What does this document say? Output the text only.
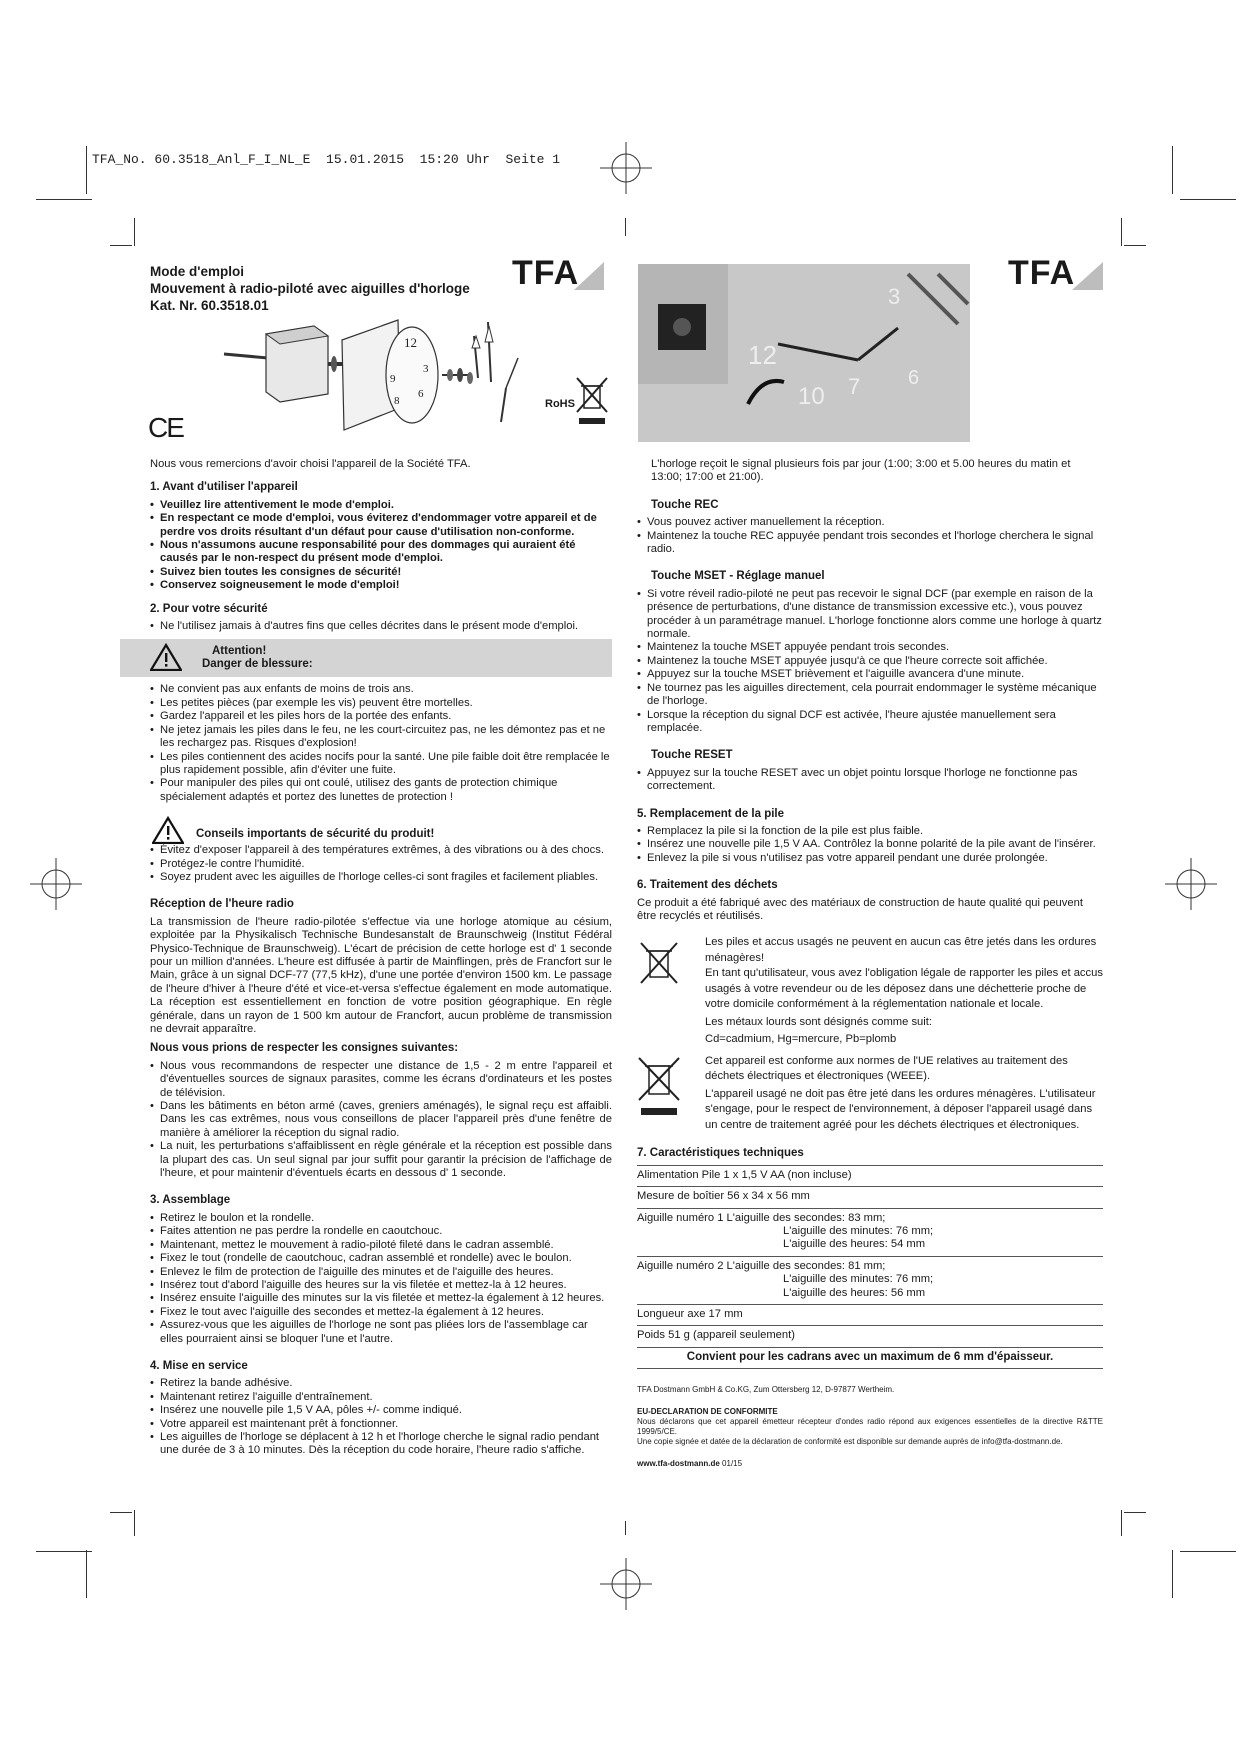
TFA_No. 60.3518_Anl_F_I_NL_E  15.01.2015  15:20 Uhr  Seite 1
Mode d'emploi
Mouvement à radio-piloté avec aiguilles d'horloge
Kat. Nr. 60.3518.01
TFA
12
9
6
8
3
CE
RoHS
12
10
3
7 6
TFA

Nous vous remercions d'avoir choisi l'appareil de la Société TFA.

1. Avant d'utiliser l'appareil
• Veuillez lire attentivement le mode d'emploi.
• En respectant ce mode d'emploi, vous éviterez d'endommager votre appareil et de perdre vos droits résultant d'un défaut pour cause d'utilisation non-conforme.
• Nous n'assumons aucune responsabilité pour des dommages qui auraient été causés par le non-respect du présent mode d'emploi.
• Suivez bien toutes les consignes de sécurité!
• Conservez soigneusement le mode d'emploi!
2. Pour votre sécurité
• Ne l'utilisez jamais à d'autres fins que celles décrites dans le présent mode d'emploi.
Attention!
Danger de blessure:
• Ne convient pas aux enfants de moins de trois ans.
• Les petites pièces (par exemple les vis) peuvent être mortelles.
• Gardez l'appareil et les piles hors de la portée des enfants.
• Ne jetez jamais les piles dans le feu, ne les court-circuitez pas, ne les démontez pas et ne les rechargez pas. Risques d'explosion!
• Les piles contiennent des acides nocifs pour la santé. Une pile faible doit être remplacée le plus rapidement possible, afin d'éviter une fuite.
• Pour manipuler des piles qui ont coulé, utilisez des gants de protection chimique spécialement adaptés et portez des lunettes de protection !
Conseils importants de sécurité du produit!
• Évitez d'exposer l'appareil à des températures extrêmes, à des vibrations ou à des chocs.
• Protégez-le contre l'humidité.
• Soyez prudent avec les aiguilles de l'horloge celles-ci sont fragiles et facilement pliables.
Réception de l'heure radio

La transmission de l'heure radio-pilotée s'effectue via une horloge atomique au césium, exploitée par la Physikalisch Technische Bundesanstalt de Braunschweig (Institut Fédéral Physico-Technique de Braunschweig). L'écart de précision de cette horloge est d' 1 seconde pour un million d'années. L'heure est diffusée à partir de Mainflingen, près de Francfort sur le Main, grâce à un signal DCF-77 (77,5 kHz), d'une une portée d'environ 1500 km. Le passage de l'heure d'hiver à l'heure d'été et vice-et-versa s'effectue également en mode automatique. La réception est essentiellement en fonction de votre position géographique. En règle générale, dans un rayon de 1 500 km autour de Francfort, aucun problème de transmission ne devrait apparaître.

Nous vous prions de respecter les consignes suivantes:
• Nous vous recommandons de respecter une distance de 1,5 - 2 m entre l'appareil et d'éventuelles sources de signaux parasites, comme les écrans d'ordinateurs et les postes de télévision.
• Dans les bâtiments en béton armé (caves, greniers aménagés), le signal reçu est affaibli. Dans les cas extrêmes, nous vous conseillons de placer l'appareil près d'une fenêtre de manière à améliorer la réception du signal radio.
• La nuit, les perturbations s'affaiblissent en règle générale et la réception est possible dans la plupart des cas. Un seul signal par jour suffit pour garantir la précision de l'affichage de l'heure, et pour maintenir d'éventuels écarts en dessous d' 1 seconde.
3. Assemblage
• Retirez le boulon et la rondelle.
• Faites attention ne pas perdre la rondelle en caoutchouc.
• Maintenant, mettez le mouvement à radio-piloté fileté dans le cadran assemblé.
• Fixez le tout (rondelle de caoutchouc, cadran assemblé et rondelle) avec le boulon.
• Enlevez le film de protection de l'aiguille des minutes et de l'aiguille des heures.
• Insérez tout d'abord l'aiguille des heures sur la vis filetée et mettez-la à 12 heures.
• Insérez ensuite l'aiguille des minutes sur la vis filetée et mettez-la également à 12 heures.
• Fixez le tout avec l'aiguille des secondes et mettez-la également à 12 heures.
• Assurez-vous que les aiguilles de l'horloge ne sont pas pliées lors de l'assemblage car elles pourraient ainsi se bloquer l'une et l'autre.
4. Mise en service
• Retirez la bande adhésive.
• Maintenant retirez l'aiguille d'entraînement.
• Insérez une nouvelle pile 1,5 V AA, pôles +/- comme indiqué.
• Votre appareil est maintenant prêt à fonctionner.
• Les aiguilles de l'horloge se déplacent à 12 h et l'horloge cherche le signal radio pendant une durée de 3 à 10 minutes. Dès la réception du code horaire, l'heure radio s'affiche.

L'horloge reçoit le signal plusieurs fois par jour (1:00; 3:00 et 5.00 heures du matin et 13:00; 17:00 et 21:00).

Touche REC
• Vous pouvez activer manuellement la réception.
• Maintenez la touche REC appuyée pendant trois secondes et l'horloge cherchera le signal radio.
Touche MSET - Réglage manuel
• Si votre réveil radio-piloté ne peut pas recevoir le signal DCF (par exemple en raison de la présence de perturbations, d'une distance de transmission excessive etc.), vous pouvez procéder à un paramétrage manuel. L'horloge fonctionne alors comme une horloge à quartz normale.
• Maintenez la touche MSET appuyée pendant trois secondes.
• Maintenez la touche MSET appuyée jusqu'à ce que l'heure correcte soit affichée.
• Appuyez sur la touche MSET brièvement et l'aiguille avancera d'une minute.
• Ne tournez pas les aiguilles directement, cela pourrait endommager le système mécanique de l'horloge.
• Lorsque la réception du signal DCF est activée, l'heure ajustée manuellement sera remplacée.
Touche RESET
• Appuyez sur la touche RESET avec un objet pointu lorsque l'horloge ne fonctionne pas correctement.
5. Remplacement de la pile
• Remplacez la pile si la fonction de la pile est plus faible.
• Insérez une nouvelle pile 1,5 V AA. Contrôlez la bonne polarité de la pile avant de l'insérer.
• Enlevez la pile si vous n'utilisez pas votre appareil pendant une durée prolongée.
6. Traitement des déchets

Ce produit a été fabriqué avec des matériaux de construction de haute qualité qui peuvent être recyclés et réutilisés.

Les piles et accus usagés ne peuvent en aucun cas être jetés dans les ordures ménagères!

En tant qu'utilisateur, vous avez l'obligation légale de rapporter les piles et accus usagés à votre revendeur ou de les déposez dans une déchetterie proche de votre domicile conformément à la réglementation nationale et locale.

Les métaux lourds sont désignés comme suit:

Cd=cadmium, Hg=mercure, Pb=plomb

Cet appareil est conforme aux normes de l'UE relatives au traitement des déchets électriques et électroniques (WEEE).

L'appareil usagé ne doit pas être jeté dans les ordures ménagères. L'utilisateur s'engage, pour le respect de l'environnement, à déposer l'appareil usagé dans un centre de traitement agréé pour les déchets électriques et électroniques.

7. Caractéristiques techniques
Alimentation Pile 1 x 1,5 V AA (non incluse)
Mesure de boîtier 56 x 34 x 56 mm

Aiguille numéro 1 L'aiguille des secondes: 83 mm;
L'aiguille des minutes: 76 mm;
L'aiguille des heures: 54 mm

Aiguille numéro 2 L'aiguille des secondes: 81 mm;
L'aiguille des minutes: 76 mm;
L'aiguille des heures: 56 mm

Longueur axe 17 mm
Poids 51 g (appareil seulement)
Convient pour les cadrans avec un maximum de 6 mm d'épaisseur.

TFA Dostmann GmbH & Co.KG, Zum Ottersberg 12, D-97877 Wertheim.

EU-DECLARATION DE CONFORMITE

Nous déclarons que cet appareil émetteur récepteur d'ondes radio répond aux exigences essentielles de la directive R&TTE 1999/5/CE.

Une copie signée et datée de la déclaration de conformité est disponible sur demande auprès de info@tfa-dostmann.de.

www.tfa-dostmann.de 01/15
